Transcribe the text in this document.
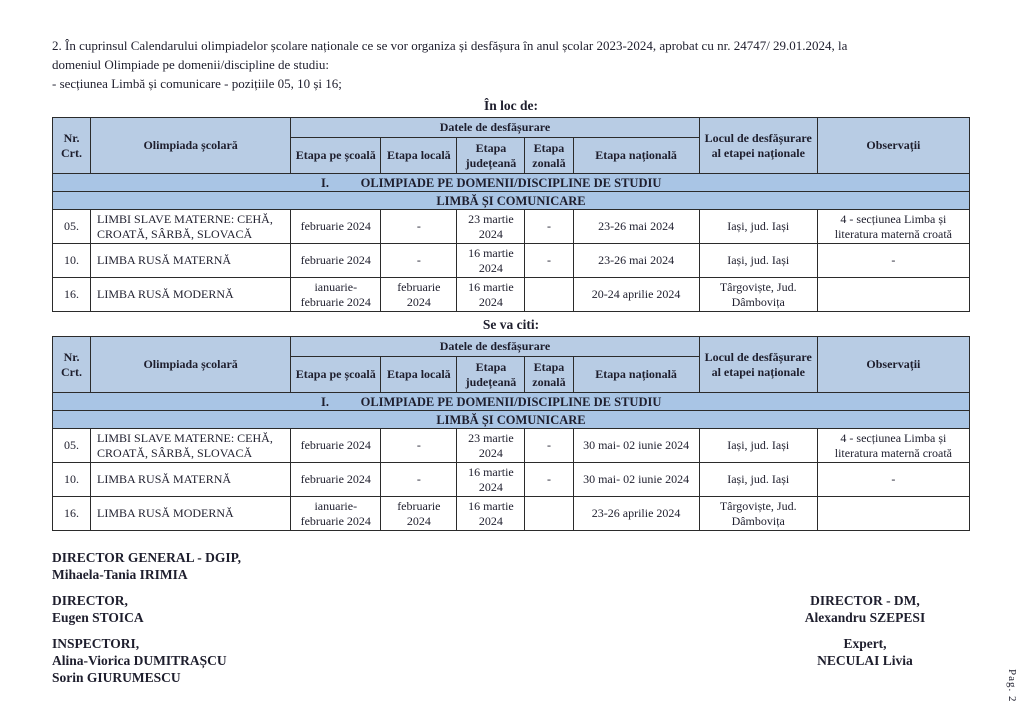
2. În cuprinsul Calendarului olimpiadelor școlare naționale ce se vor organiza și desfășura în anul școlar 2023-2024, aprobat cu nr. 24747/ 29.01.2024, la
domeniul Olimpiade pe domenii/discipline de studiu:
- secțiunea Limbă și comunicare - pozițiile 05, 10 și 16;
În loc de:
Nr. Crt.	Olimpiada școlară	Datele de desfășurare					Locul de desfășurare al etapei naționale	Observații
		Etapa pe școală	Etapa locală	Etapa județeană	Etapa zonală	Etapa națională		

I. OLIMPIADE PE DOMENII/DISCIPLINE DE STUDIU								
LIMBĂ ȘI COMUNICARE								
05.	LIMBI SLAVE MATERNE: CEHĂ, CROATĂ, SÂRBĂ, SLOVACĂ	februarie 2024	-	23 martie 2024	-	23-26 mai 2024	Iași, jud. Iași	4 - secțiunea Limba și literatura maternă croată
10.	LIMBA RUSĂ MATERNĂ	februarie 2024	-	16 martie 2024	-	23-26 mai 2024	Iași, jud. Iași	-
16.	LIMBA RUSĂ MODERNĂ	ianuarie-februarie 2024	februarie 2024	16 martie 2024		20-24 aprilie 2024	Târgoviște, Jud. Dâmbovița	
Se va citi:
Nr. Crt.	Olimpiada școlară	Datele de desfășurare					Locul de desfășurare al etapei naționale	Observații
		Etapa pe școală	Etapa locală	Etapa județeană	Etapa zonală	Etapa națională		

I. OLIMPIADE PE DOMENII/DISCIPLINE DE STUDIU								
LIMBĂ ȘI COMUNICARE								
05.	LIMBI SLAVE MATERNE: CEHĂ, CROATĂ, SÂRBĂ, SLOVACĂ	februarie 2024	-	23 martie 2024	-	30 mai- 02 iunie 2024	Iași, jud. Iași	4 - secțiunea Limba și literatura maternă croată
10.	LIMBA RUSĂ MATERNĂ	februarie 2024	-	16 martie 2024	-	30 mai- 02 iunie 2024	Iași, jud. Iași	-
16.	LIMBA RUSĂ MODERNĂ	ianuarie-februarie 2024	februarie 2024	16 martie 2024		23-26 aprilie 2024	Târgoviște, Jud. Dâmbovița	
DIRECTOR GENERAL - DGIP,
Mihaela-Tania IRIMIA
DIRECTOR,
Eugen STOICA
DIRECTOR - DM,
Alexandru SZEPESI
INSPECTORI,
Alina-Viorica DUMITRAȘCU
Sorin GIURUMESCU
Expert,
NECULAI Livia
Pag. 2
